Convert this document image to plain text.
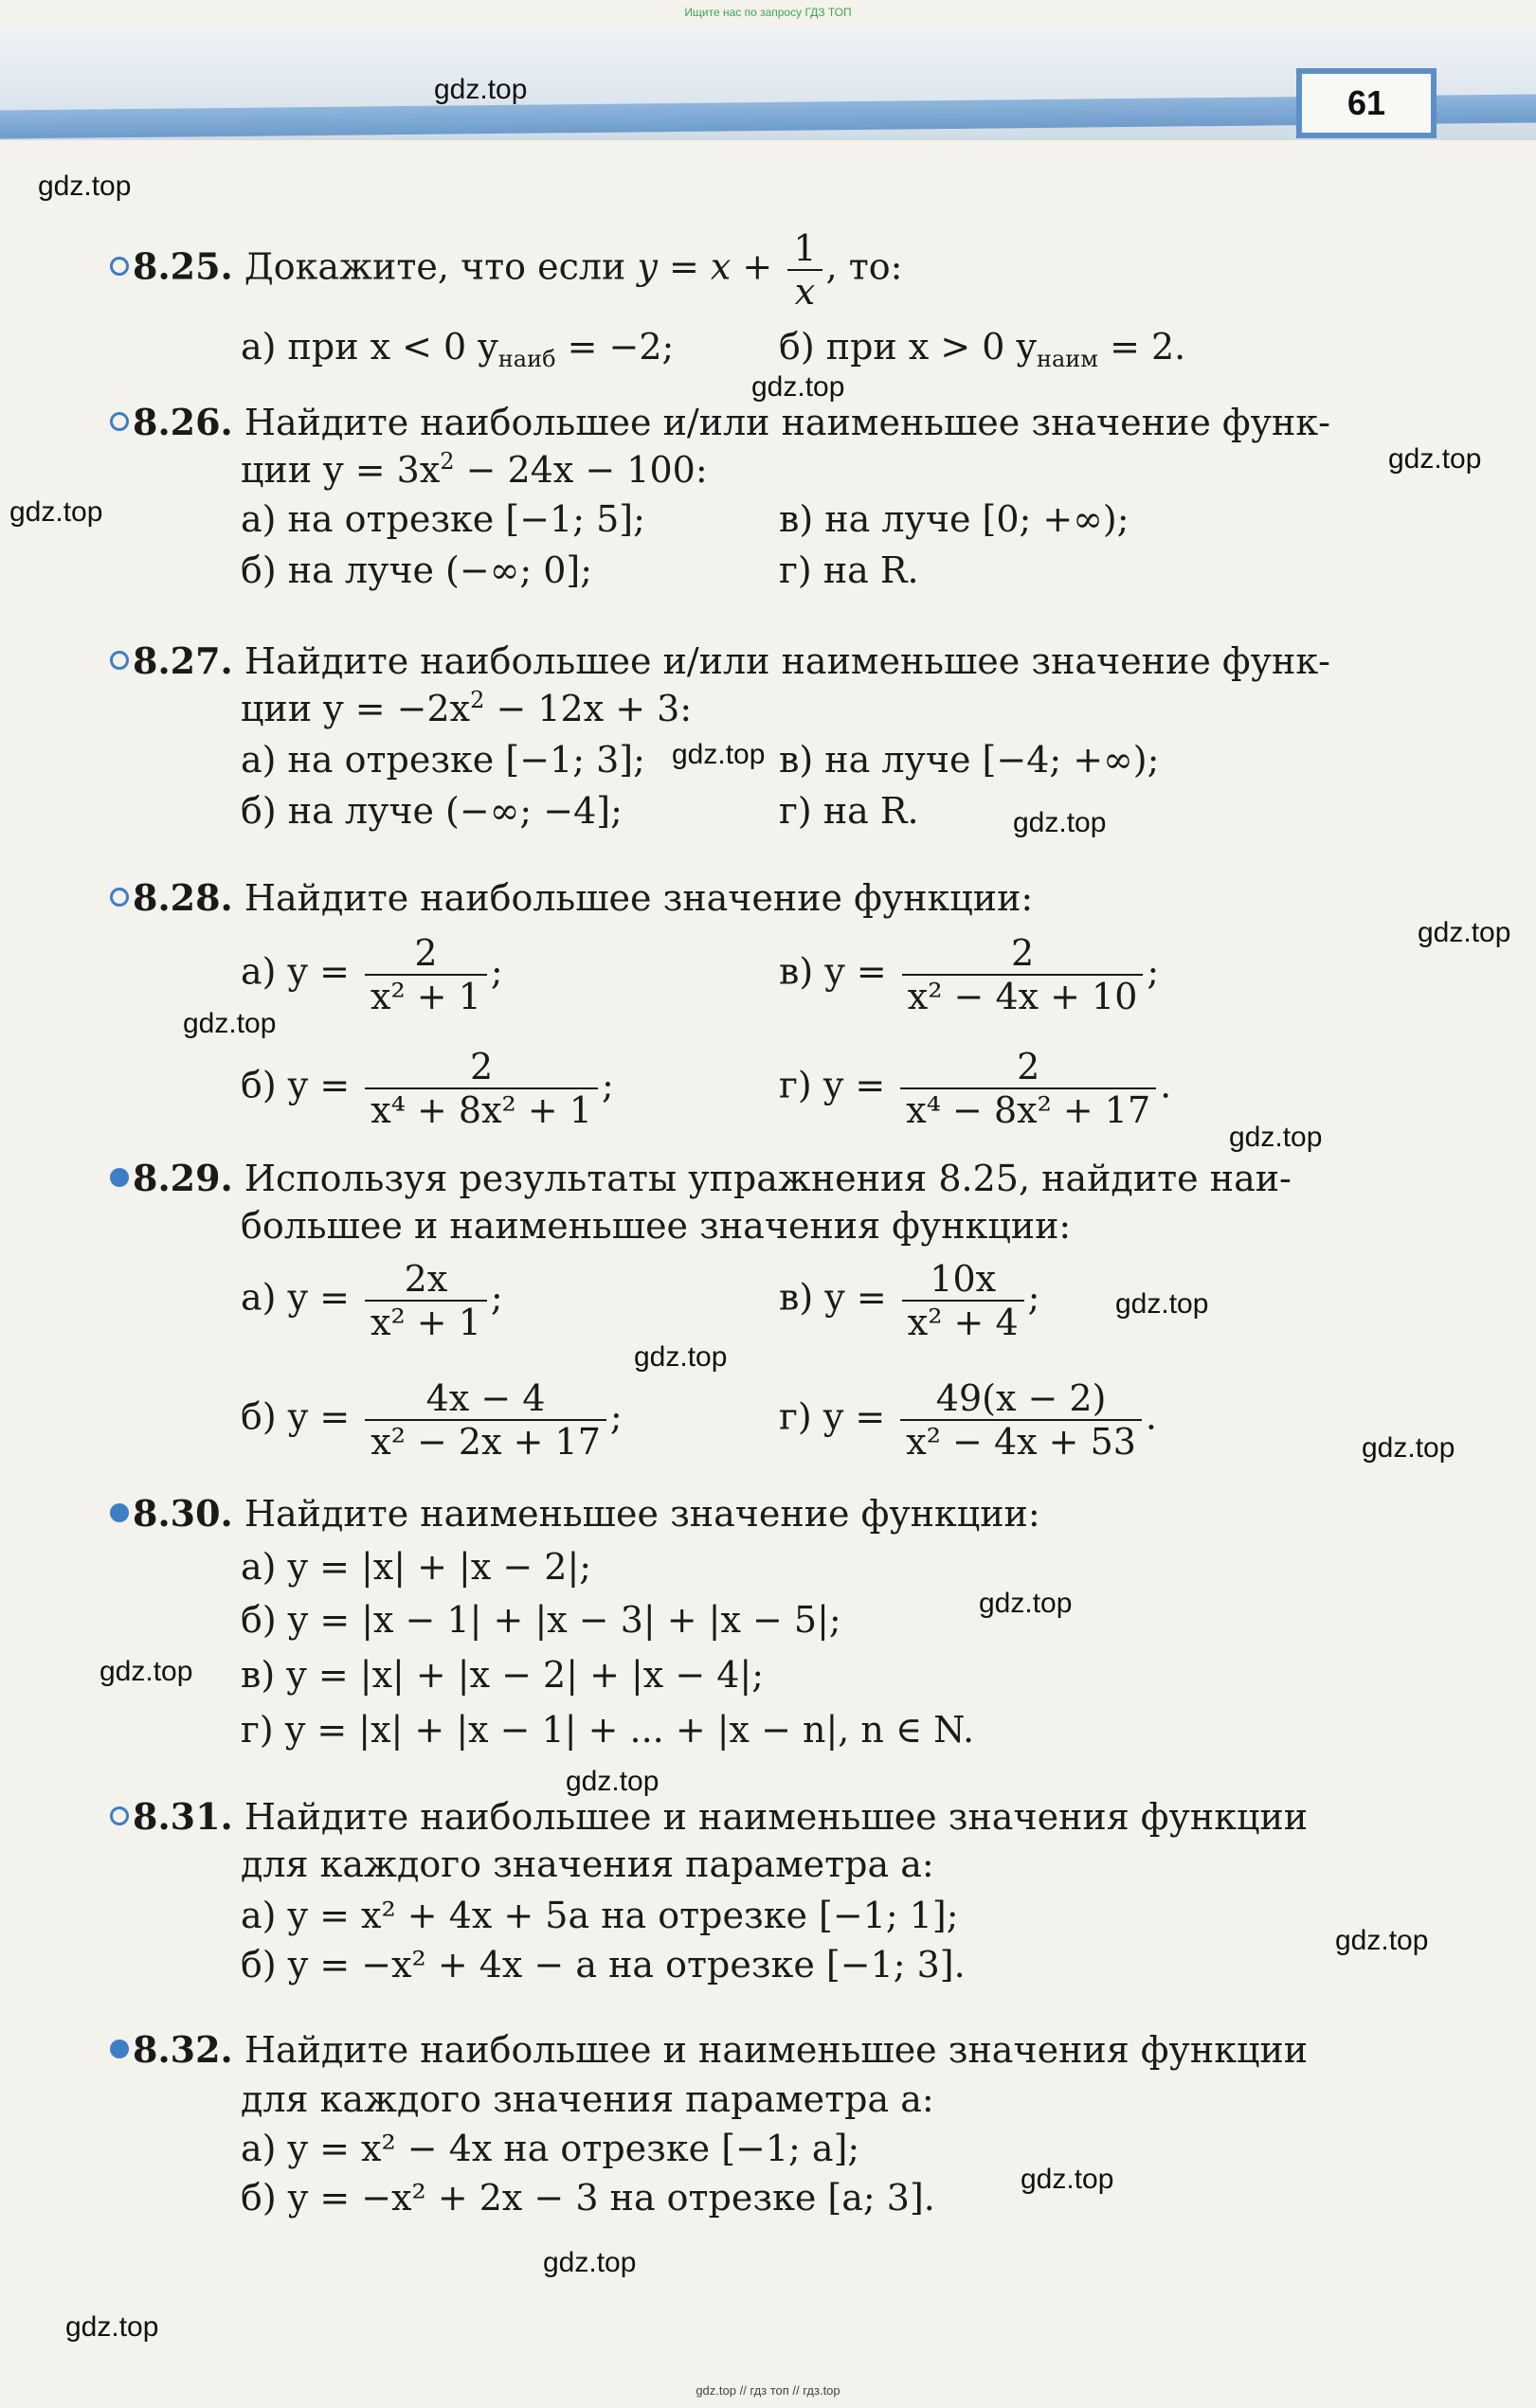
Ищите нас по запросу ГДЗ ТОП
61
gdz.top
gdz.top
gdz.top
gdz.top
gdz.top
gdz.top
gdz.top
gdz.top
gdz.top
gdz.top
gdz.top
gdz.top
gdz.top
gdz.top
gdz.top
gdz.top
gdz.top
gdz.top
gdz.top
gdz.top
8.25. Докажите, что если $y = x + \frac{1}{x}$ , то:
а) при x < 0 $y_{наиб} = -2$;	б) при x > 0 $y_{наим} = 2$.
8.26. Найдите наибольшее и/или наименьшее значение функ-
ции $y = 3x^2 - 24x - 100$:
а) на отрезке [−1; 5];	в) на луче [0; +∞);
б) на луче (−∞; 0];	г) на R.
8.27. Найдите наибольшее и/или наименьшее значение функ-
ции $y = -2x^2 - 12x + 3$:
а) на отрезке [−1; 3];	в) на луче [−4; +∞);
б) на луче (−∞; −4];	г) на R.
8.28. Найдите наибольшее значение функции:
а) $y = \frac{2}{\text{x² + 1}}$ ;	в) $y = \frac{2}{\text{x² − 4x + 10}}$ ;
б) $y = \frac{2}{\text{x⁴ + 8x² + 1}}$ ;	г) $y = \frac{2}{\text{x⁴ − 8x² + 17}}$ .
8.29. Используя результаты упражнения 8.25, найдите наи-
большее и наименьшее значения функции:
а) $y = \frac{2x}{\text{x² + 1}}$ ;	в) $y = \frac{10x}{\text{x² + 4}}$ ;
б) $y = \frac{4x - 4}{\text{x² − 2x + 17}}$ ;	г) $y = \frac{49(x - 2)}{\text{x² − 4x + 53}}$ .
8.30. Найдите наименьшее значение функции:
а) y = |x| + |x − 2|;
б) y = |x − 1| + |x − 3| + |x − 5|;
в) y = |x| + |x − 2| + |x − 4|;
г) y = |x| + |x − 1| + ... + |x − n|, n ∈ N.
8.31. Найдите наибольшее и наименьшее значения функции
для каждого значения параметра a:
а) y = x² + 4x + 5a на отрезке [−1; 1];
б) y = −x² + 4x − a на отрезке [−1; 3].
8.32. Найдите наибольшее и наименьшее значения функции
для каждого значения параметра a:
а) y = x² − 4x на отрезке [−1; a];
б) y = −x² + 2x − 3 на отрезке [a; 3].
gdz.top // гдз топ // гдз.top
